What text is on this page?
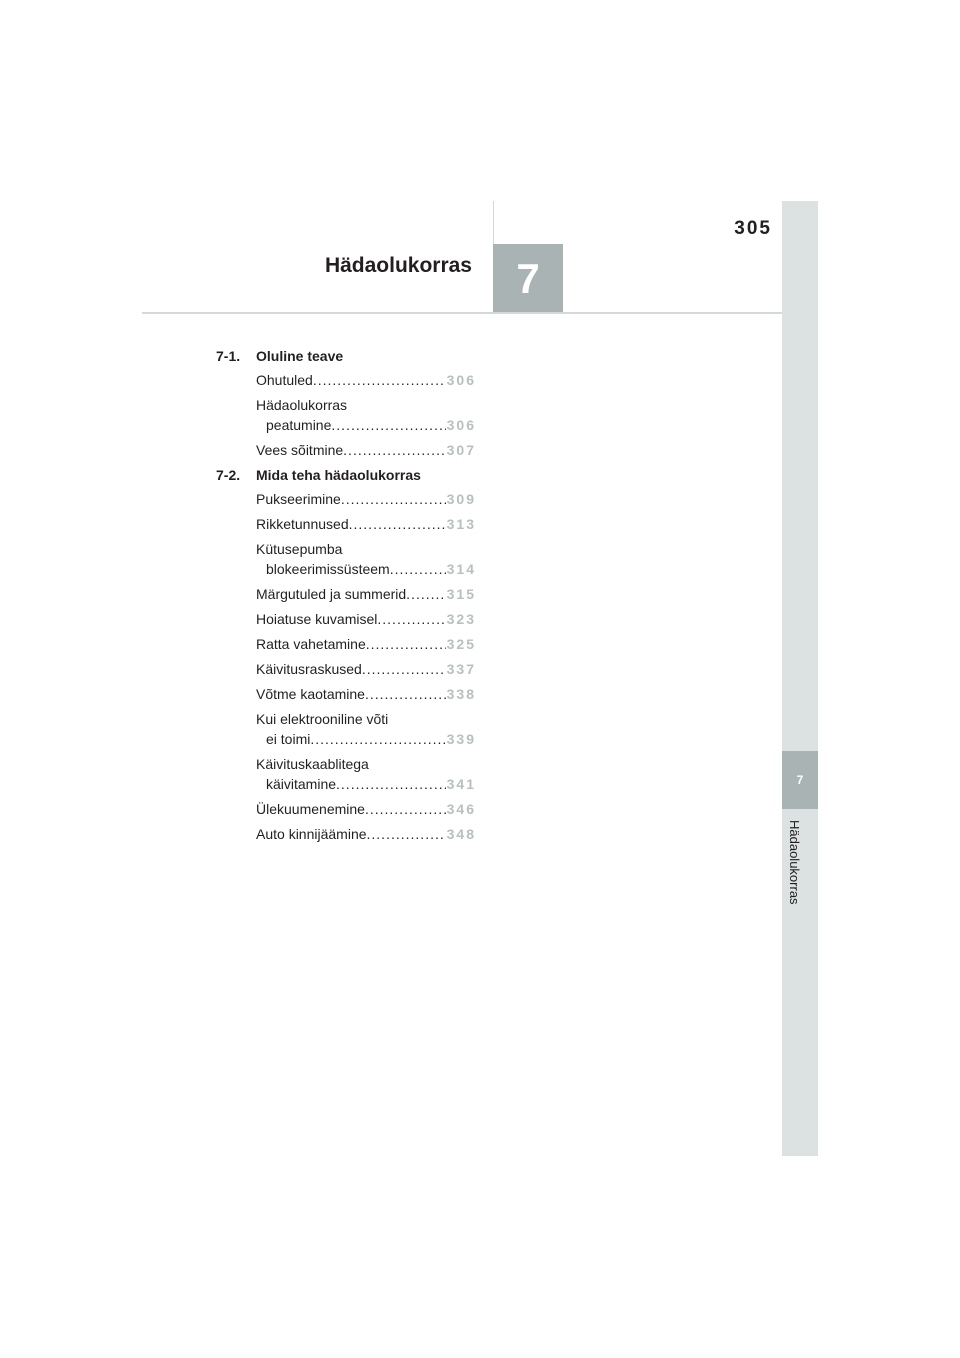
305
Hädaolukorras	7
7
Hädaolukorras
7-1.	Oluline teave
Ohutuled .....	306
Hädaolukorras
peatumine .....	306
Vees sõitmine .....	307
7-2.	Mida teha hädaolukorras
Pukseerimine .....	309
Rikketunnused .....	313
Kütusepumba
blokeerimissüsteem .....	314
Märgutuled ja summerid .....	315
Hoiatuse kuvamisel .....	323
Ratta vahetamine .....	325
Käivitusraskused .....	337
Võtme kaotamine .....	338
Kui elektrooniline võti
ei toimi .....	339
Käivituskaablitega
käivitamine .....	341
Ülekuumenemine .....	346
Auto kinnijäämine .....	348
